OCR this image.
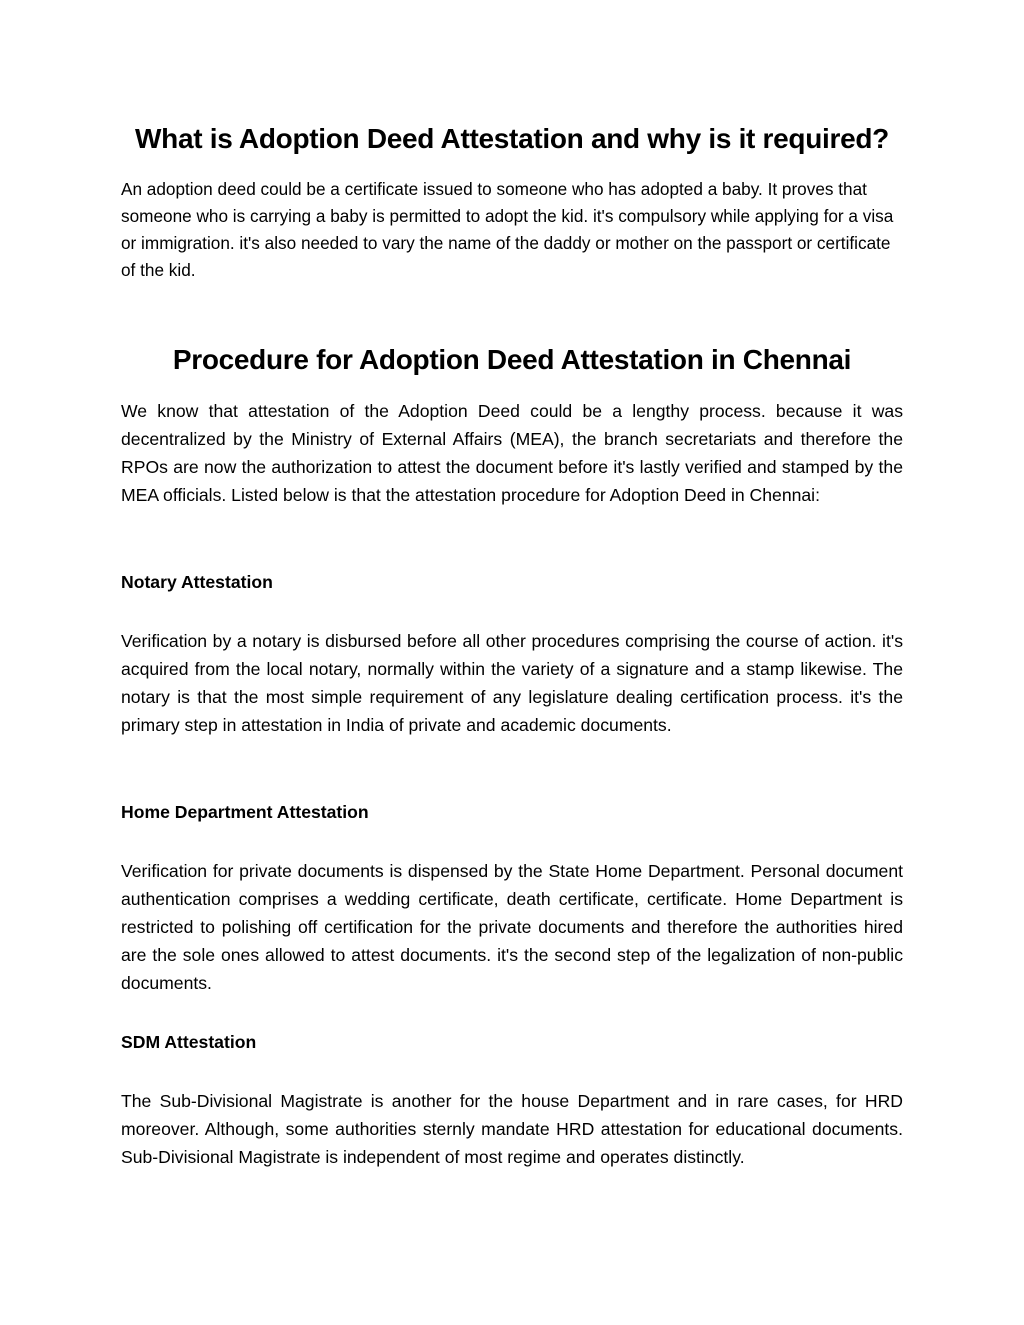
What is Adoption Deed Attestation and why is it required?

An adoption deed could be a certificate issued to someone who has adopted a baby. It proves that someone who is carrying a baby is permitted to adopt the kid. it's compulsory while applying for a visa or immigration. it's also needed to vary the name of the daddy or mother on the passport or certificate of the kid.

Procedure for Adoption Deed Attestation in Chennai

We know that attestation of the Adoption Deed could be a lengthy process. because it was decentralized by the Ministry of External Affairs (MEA), the branch secretariats and therefore the RPOs are now the authorization to attest the document before it's lastly verified and stamped by the MEA officials. Listed below is that the attestation procedure for Adoption Deed in Chennai:

Notary Attestation

Verification by a notary is disbursed before all other procedures comprising the course of action. it's acquired from the local notary, normally within the variety of a signature and a stamp likewise. The notary is that the most simple requirement of any legislature dealing certification process. it's the primary step in attestation in India of private and academic documents.

Home Department Attestation

Verification for private documents is dispensed by the State Home Department. Personal document authentication comprises a wedding certificate, death certificate, certificate. Home Department is restricted to polishing off certification for the private documents and therefore the authorities hired are the sole ones allowed to attest documents. it's the second step of the legalization of non-public documents.

SDM Attestation

The Sub-Divisional Magistrate is another for the house Department and in rare cases, for HRD moreover. Although, some authorities sternly mandate HRD attestation for educational documents. Sub-Divisional Magistrate is independent of most regime and operates distinctly.
